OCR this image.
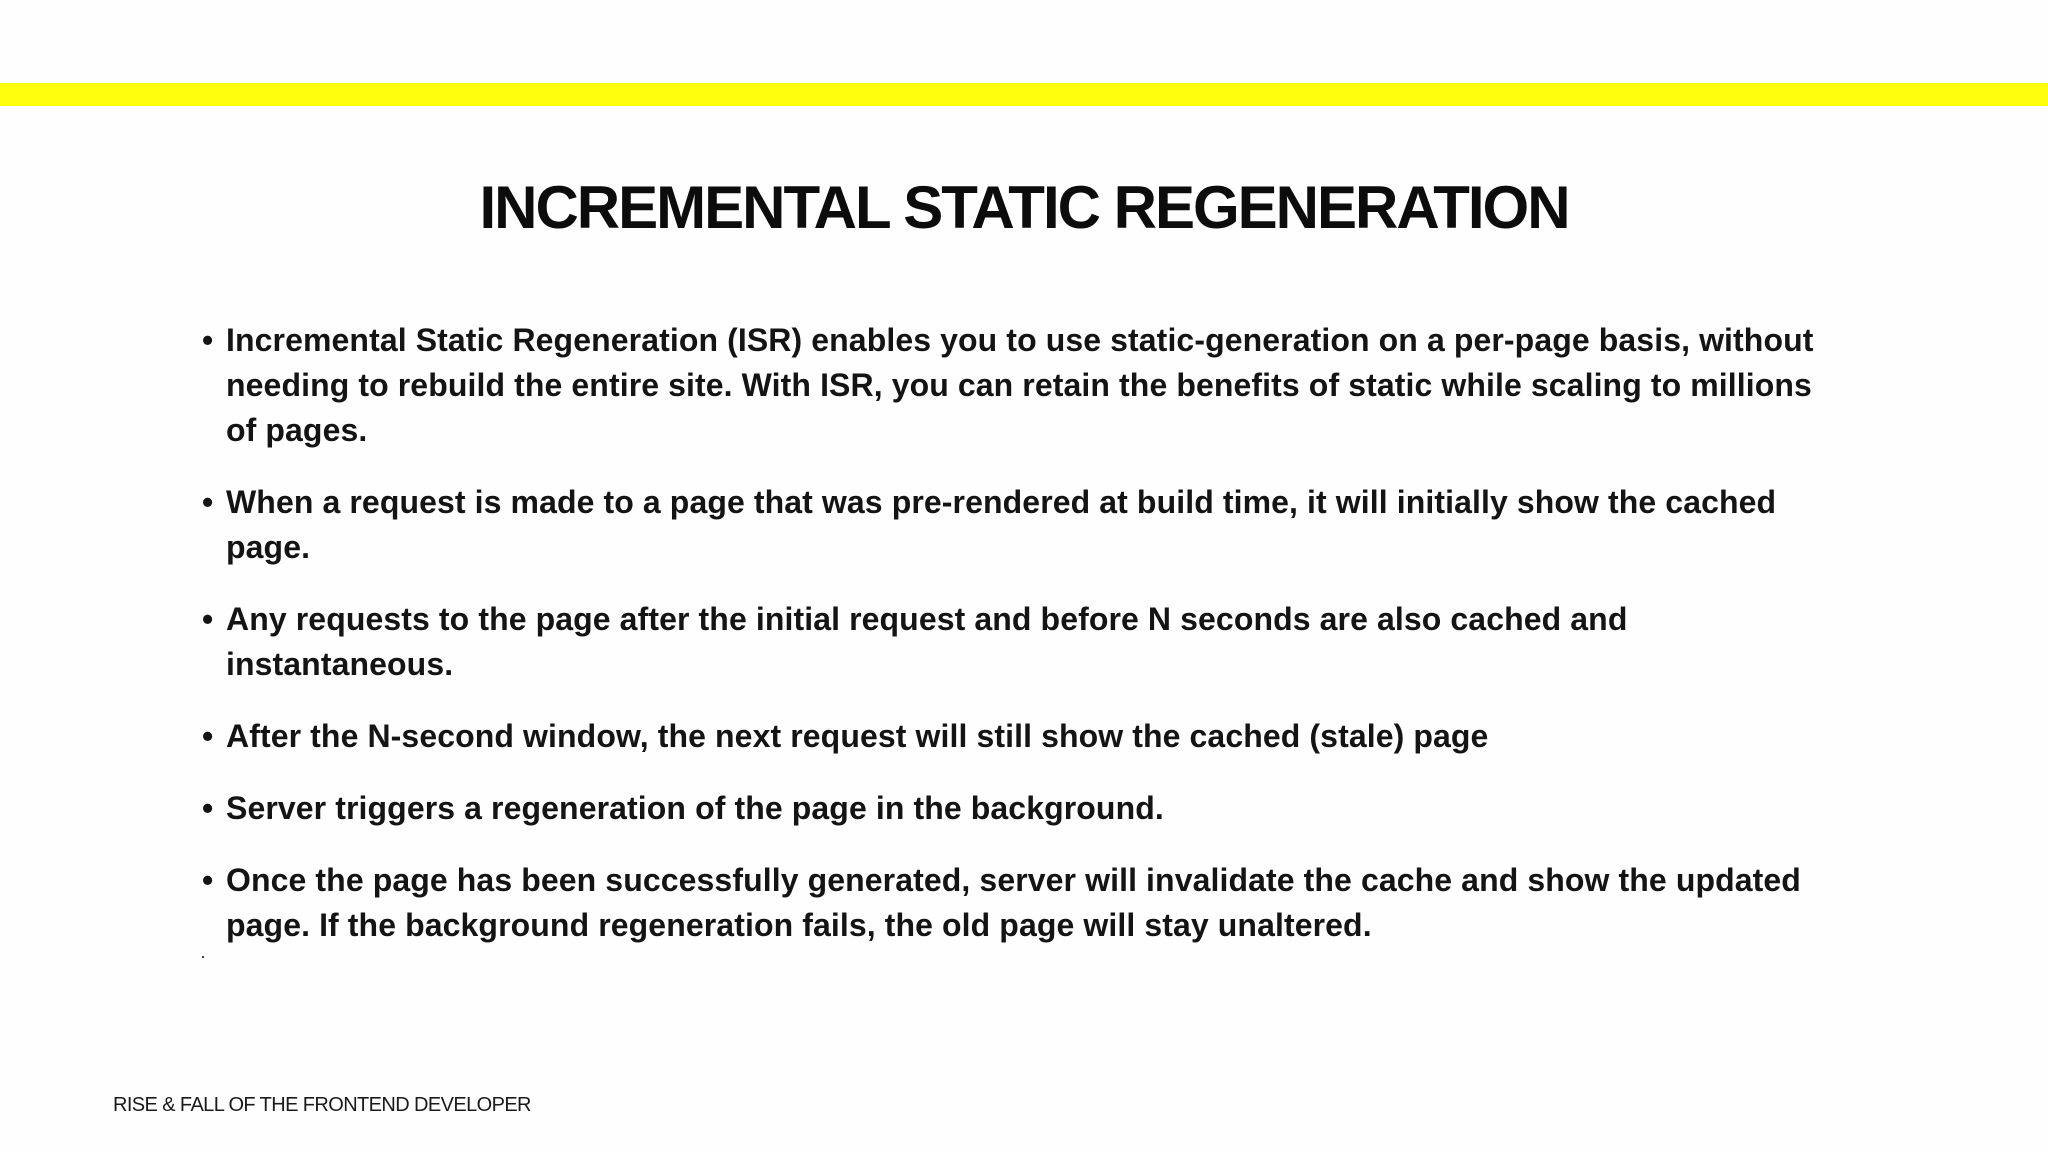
INCREMENTAL STATIC REGENERATION
• Incremental Static Regeneration (ISR) enables you to use static-generation on a per-page basis, without needing to rebuild the entire site. With ISR, you can retain the benefits of static while scaling to millions of pages.
• When a request is made to a page that was pre-rendered at build time, it will initially show the cached page.
• Any requests to the page after the initial request and before N seconds are also cached and instantaneous.
• After the N-second window, the next request will still show the cached (stale) page
• Server triggers a regeneration of the page in the background.
• Once the page has been successfully generated, server will invalidate the cache and show the updated page. If the background regeneration fails, the old page will stay unaltered.
RISE & FALL OF THE FRONTEND DEVELOPER
